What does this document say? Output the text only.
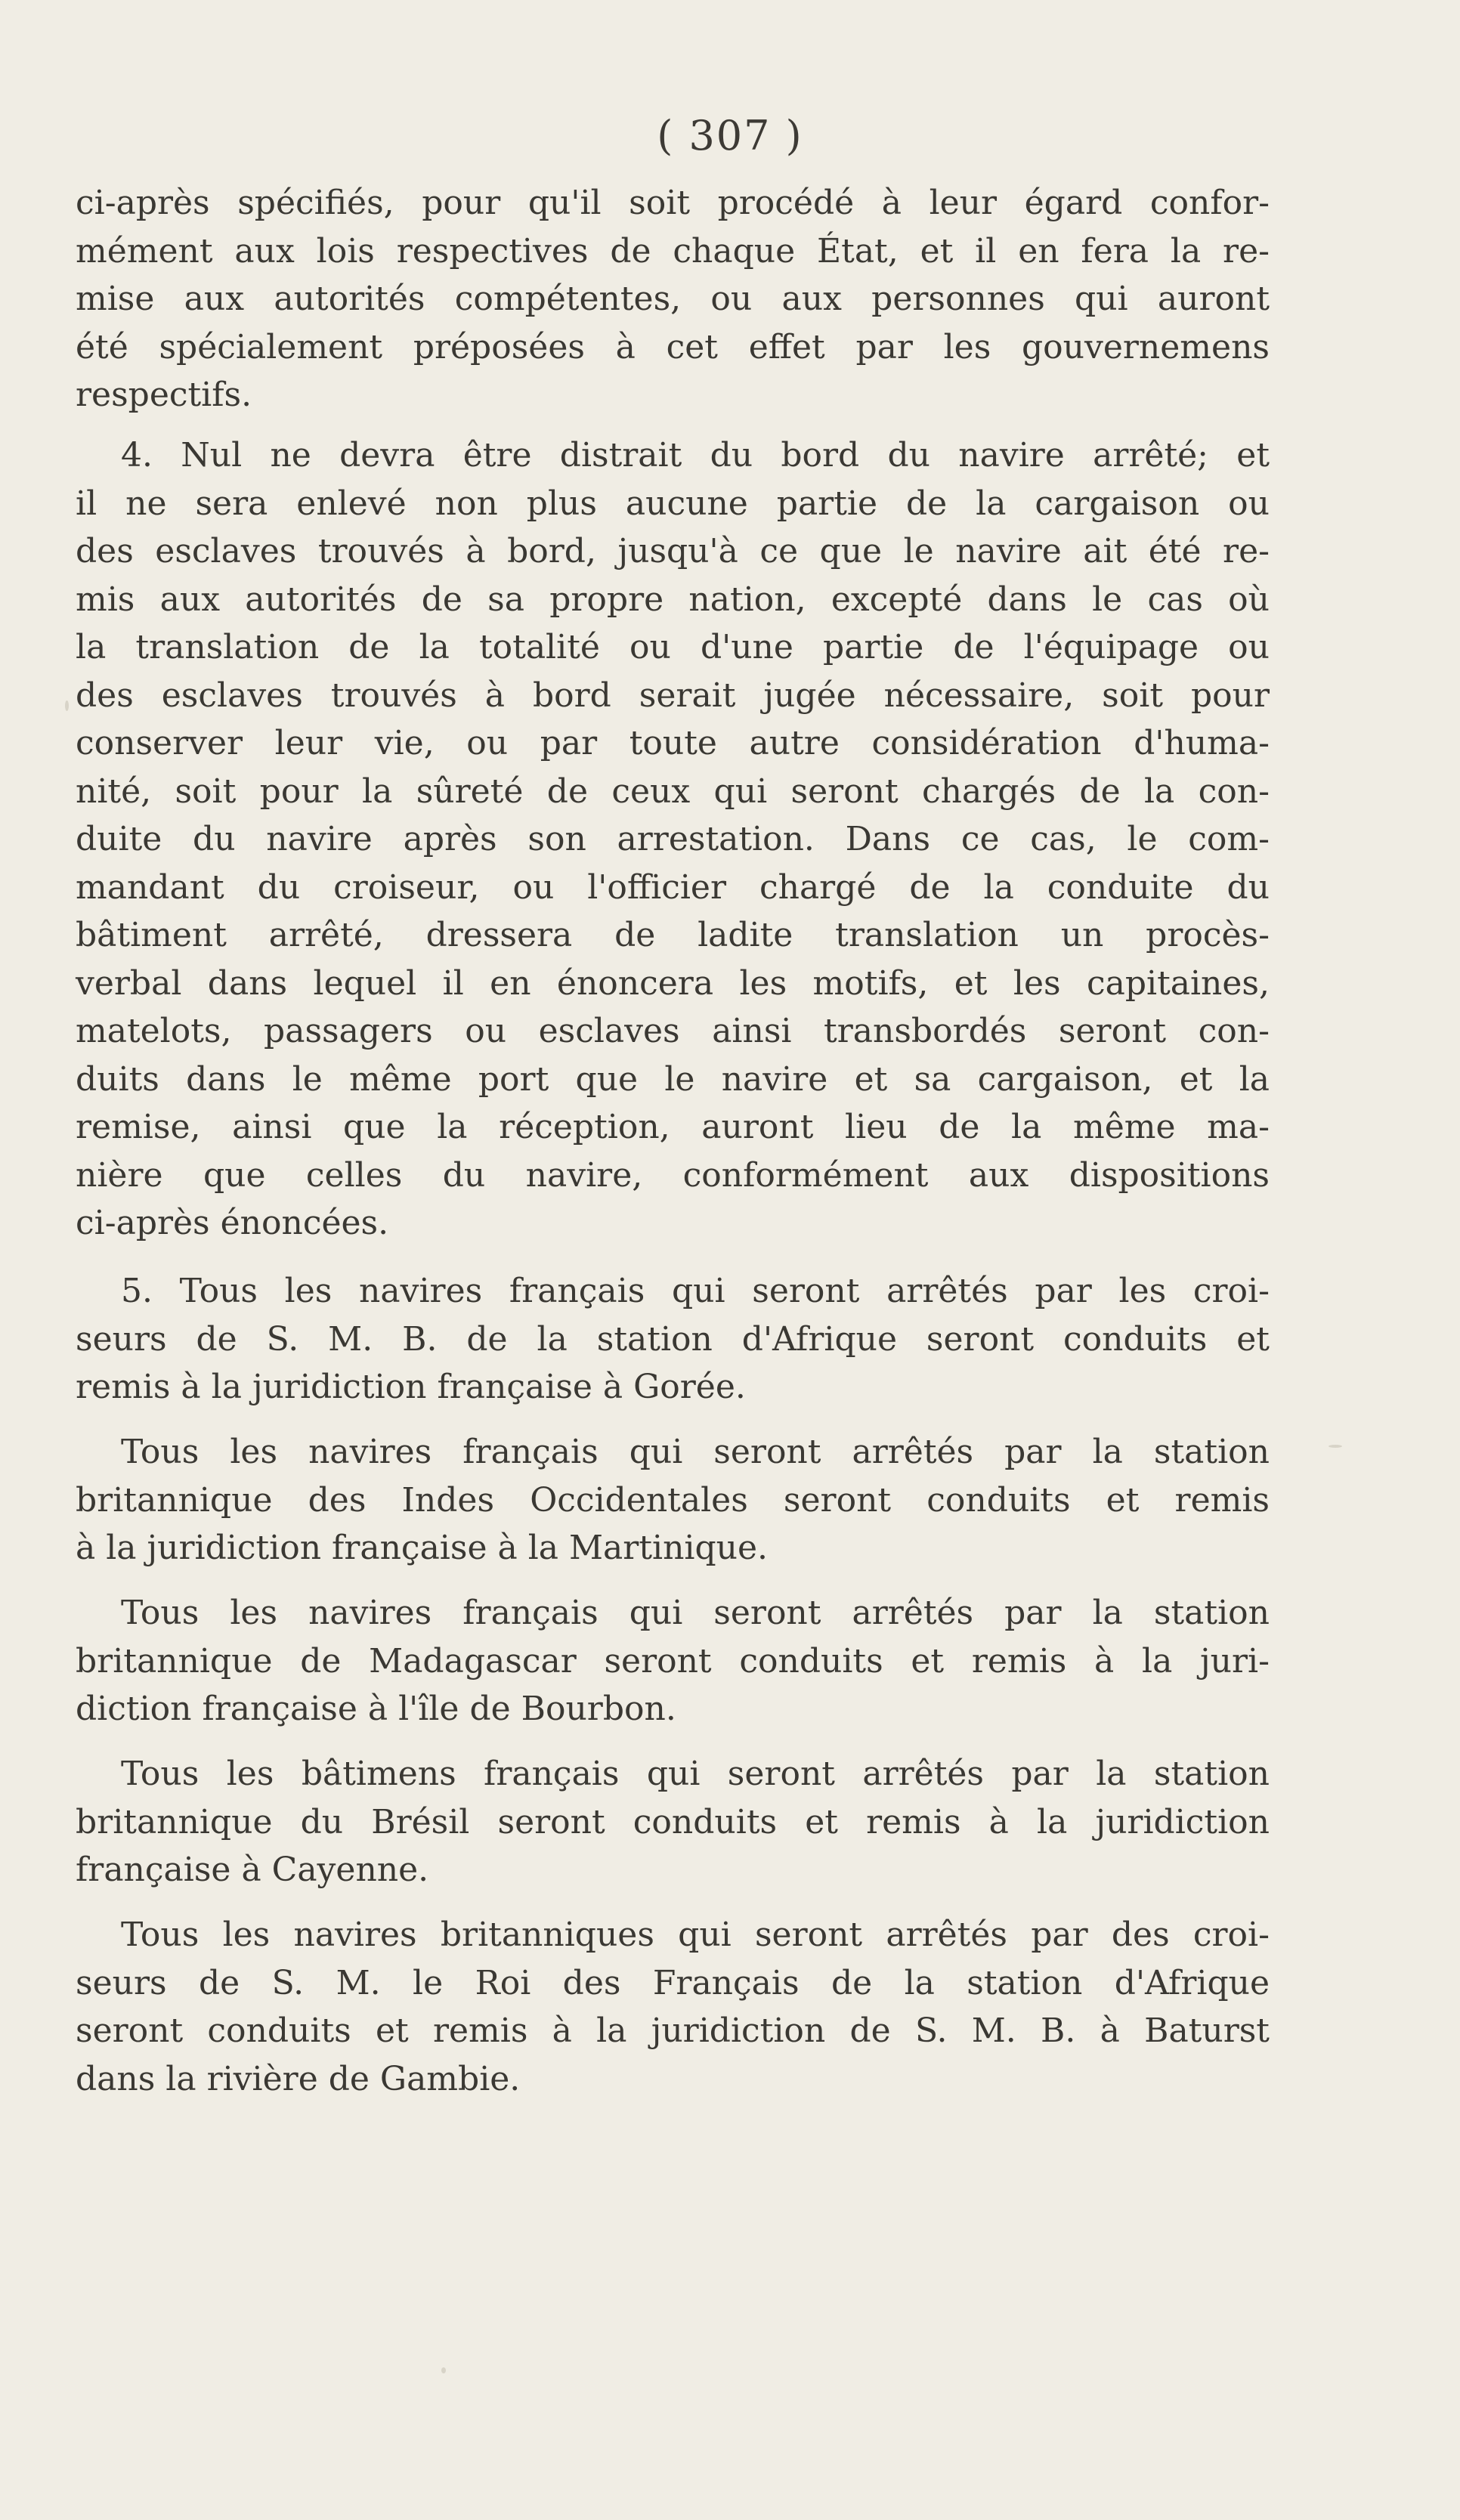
( 307 )
ci-après spécifiés, pour qu'il soit procédé à leur égard confor-
mément aux lois respectives de chaque État, et il en fera la re-
mise aux autorités compétentes, ou aux personnes qui auront
été spécialement préposées à cet effet par les gouvernemens
respectifs.
4. Nul ne devra être distrait du bord du navire arrêté; et
il ne sera enlevé non plus aucune partie de la cargaison ou
des esclaves trouvés à bord, jusqu'à ce que le navire ait été re-
mis aux autorités de sa propre nation, excepté dans le cas où
la translation de la totalité ou d'une partie de l'équipage ou
des esclaves trouvés à bord serait jugée nécessaire, soit pour
conserver leur vie, ou par toute autre considération d'huma-
nité, soit pour la sûreté de ceux qui seront chargés de la con-
duite du navire après son arrestation. Dans ce cas, le com-
mandant du croiseur, ou l'officier chargé de la conduite du
bâtiment arrêté, dressera de ladite translation un procès-
verbal dans lequel il en énoncera les motifs, et les capitaines,
matelots, passagers ou esclaves ainsi transbordés seront con-
duits dans le même port que le navire et sa cargaison, et la
remise, ainsi que la réception, auront lieu de la même ma-
nière que celles du navire, conformément aux dispositions
ci-après énoncées.
5. Tous les navires français qui seront arrêtés par les croi-
seurs de S. M. B. de la station d'Afrique seront conduits et
remis à la juridiction française à Gorée.
Tous les navires français qui seront arrêtés par la station
britannique des Indes Occidentales seront conduits et remis
à la juridiction française à la Martinique.
Tous les navires français qui seront arrêtés par la station
britannique de Madagascar seront conduits et remis à la juri-
diction française à l'île de Bourbon.
Tous les bâtimens français qui seront arrêtés par la station
britannique du Brésil seront conduits et remis à la juridiction
française à Cayenne.
Tous les navires britanniques qui seront arrêtés par des croi-
seurs de S. M. le Roi des Français de la station d'Afrique
seront conduits et remis à la juridiction de S. M. B. à Baturst
dans la rivière de Gambie.
